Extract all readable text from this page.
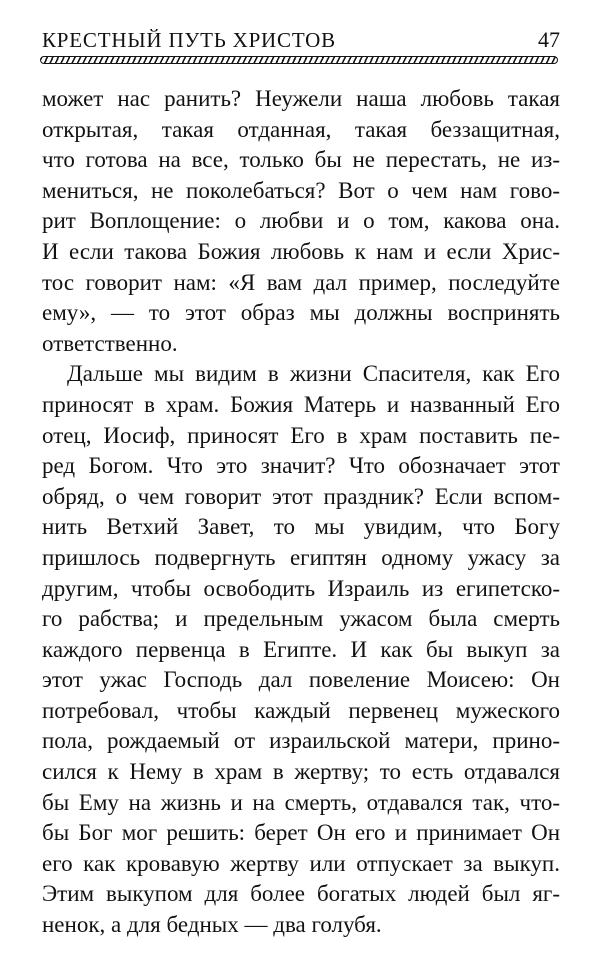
КРЕСТНЫЙ ПУТЬ ХРИСТОВ	47
может нас ранить? Неужели наша любовь такая
открытая, такая отданная, такая беззащитная,
что готова на все, только бы не перестать, не из-
мениться, не поколебаться? Вот о чем нам гово-
рит Воплощение: о любви и о том, какова она.
И если такова Божия любовь к нам и если Хрис-
тос говорит нам: «Я вам дал пример, последуйте
ему», — то этот образ мы должны воспринять
ответственно.
Дальше мы видим в жизни Спасителя, как Его
приносят в храм. Божия Матерь и названный Его
отец, Иосиф, приносят Его в храм поставить пе-
ред Богом. Что это значит? Что обозначает этот
обряд, о чем говорит этот праздник? Если вспом-
нить Ветхий Завет, то мы увидим, что Богу
пришлось подвергнуть египтян одному ужасу за
другим, чтобы освободить Израиль из египетско-
го рабства; и предельным ужасом была смерть
каждого первенца в Египте. И как бы выкуп за
этот ужас Господь дал повеление Моисею: Он
потребовал, чтобы каждый первенец мужеского
пола, рождаемый от израильской матери, прино-
сился к Нему в храм в жертву; то есть отдавался
бы Ему на жизнь и на смерть, отдавался так, что-
бы Бог мог решить: берет Он его и принимает Он
его как кровавую жертву или отпускает за выкуп.
Этим выкупом для более богатых людей был яг-
ненок, а для бедных — два голубя.
